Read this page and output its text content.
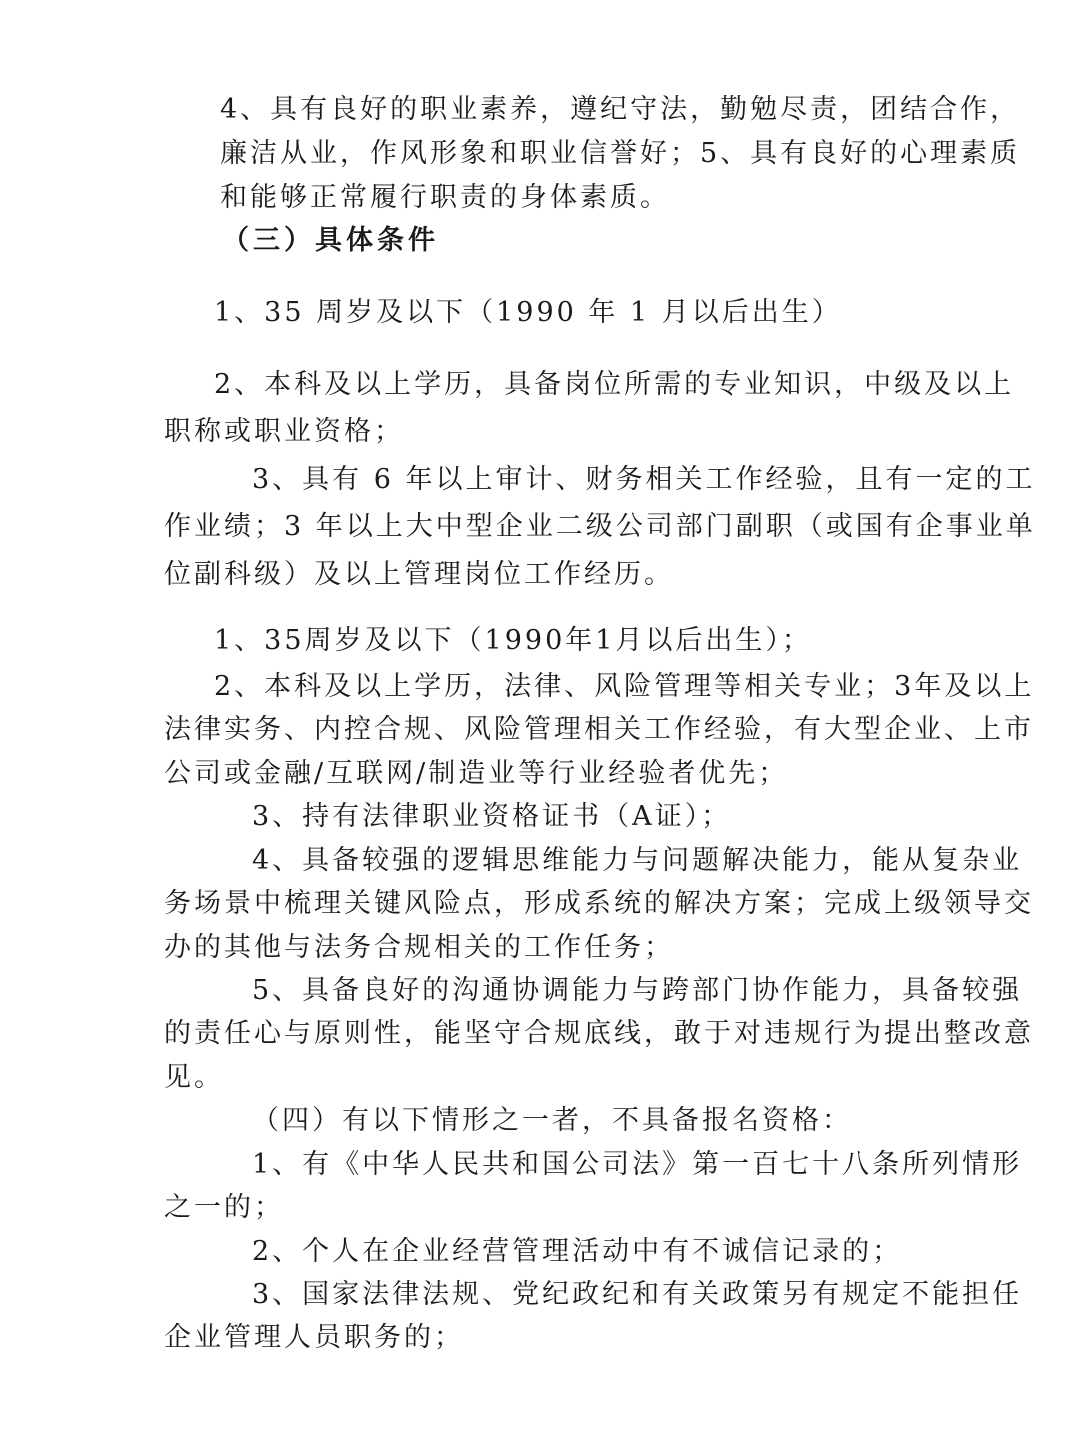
4、具有良好的职业素养，遵纪守法，勤勉尽责，团结合作，
廉洁从业，作风形象和职业信誉好；5、具有良好的心理素质
和能够正常履行职责的身体素质。
（三）具体条件
1、35 周岁及以下（1990 年 1 月以后出生）
2、本科及以上学历，具备岗位所需的专业知识，中级及以上
职称或职业资格；
3、具有 6 年以上审计、财务相关工作经验，且有一定的工
作业绩；3 年以上大中型企业二级公司部门副职（或国有企事业单
位副科级）及以上管理岗位工作经历。
1、35周岁及以下（1990年1月以后出生）；
2、本科及以上学历，法律、风险管理等相关专业；3年及以上
法律实务、内控合规、风险管理相关工作经验，有大型企业、上市
公司或金融/互联网/制造业等行业经验者优先；
3、持有法律职业资格证书（A证）；
4、具备较强的逻辑思维能力与问题解决能力，能从复杂业
务场景中梳理关键风险点，形成系统的解决方案；完成上级领导交
办的其他与法务合规相关的工作任务；
5、具备良好的沟通协调能力与跨部门协作能力，具备较强
的责任心与原则性，能坚守合规底线，敢于对违规行为提出整改意
见。
（四）有以下情形之一者，不具备报名资格：
1、有《中华人民共和国公司法》第一百七十八条所列情形
之一的；
2、个人在企业经营管理活动中有不诚信记录的；
3、国家法律法规、党纪政纪和有关政策另有规定不能担任
企业管理人员职务的；
